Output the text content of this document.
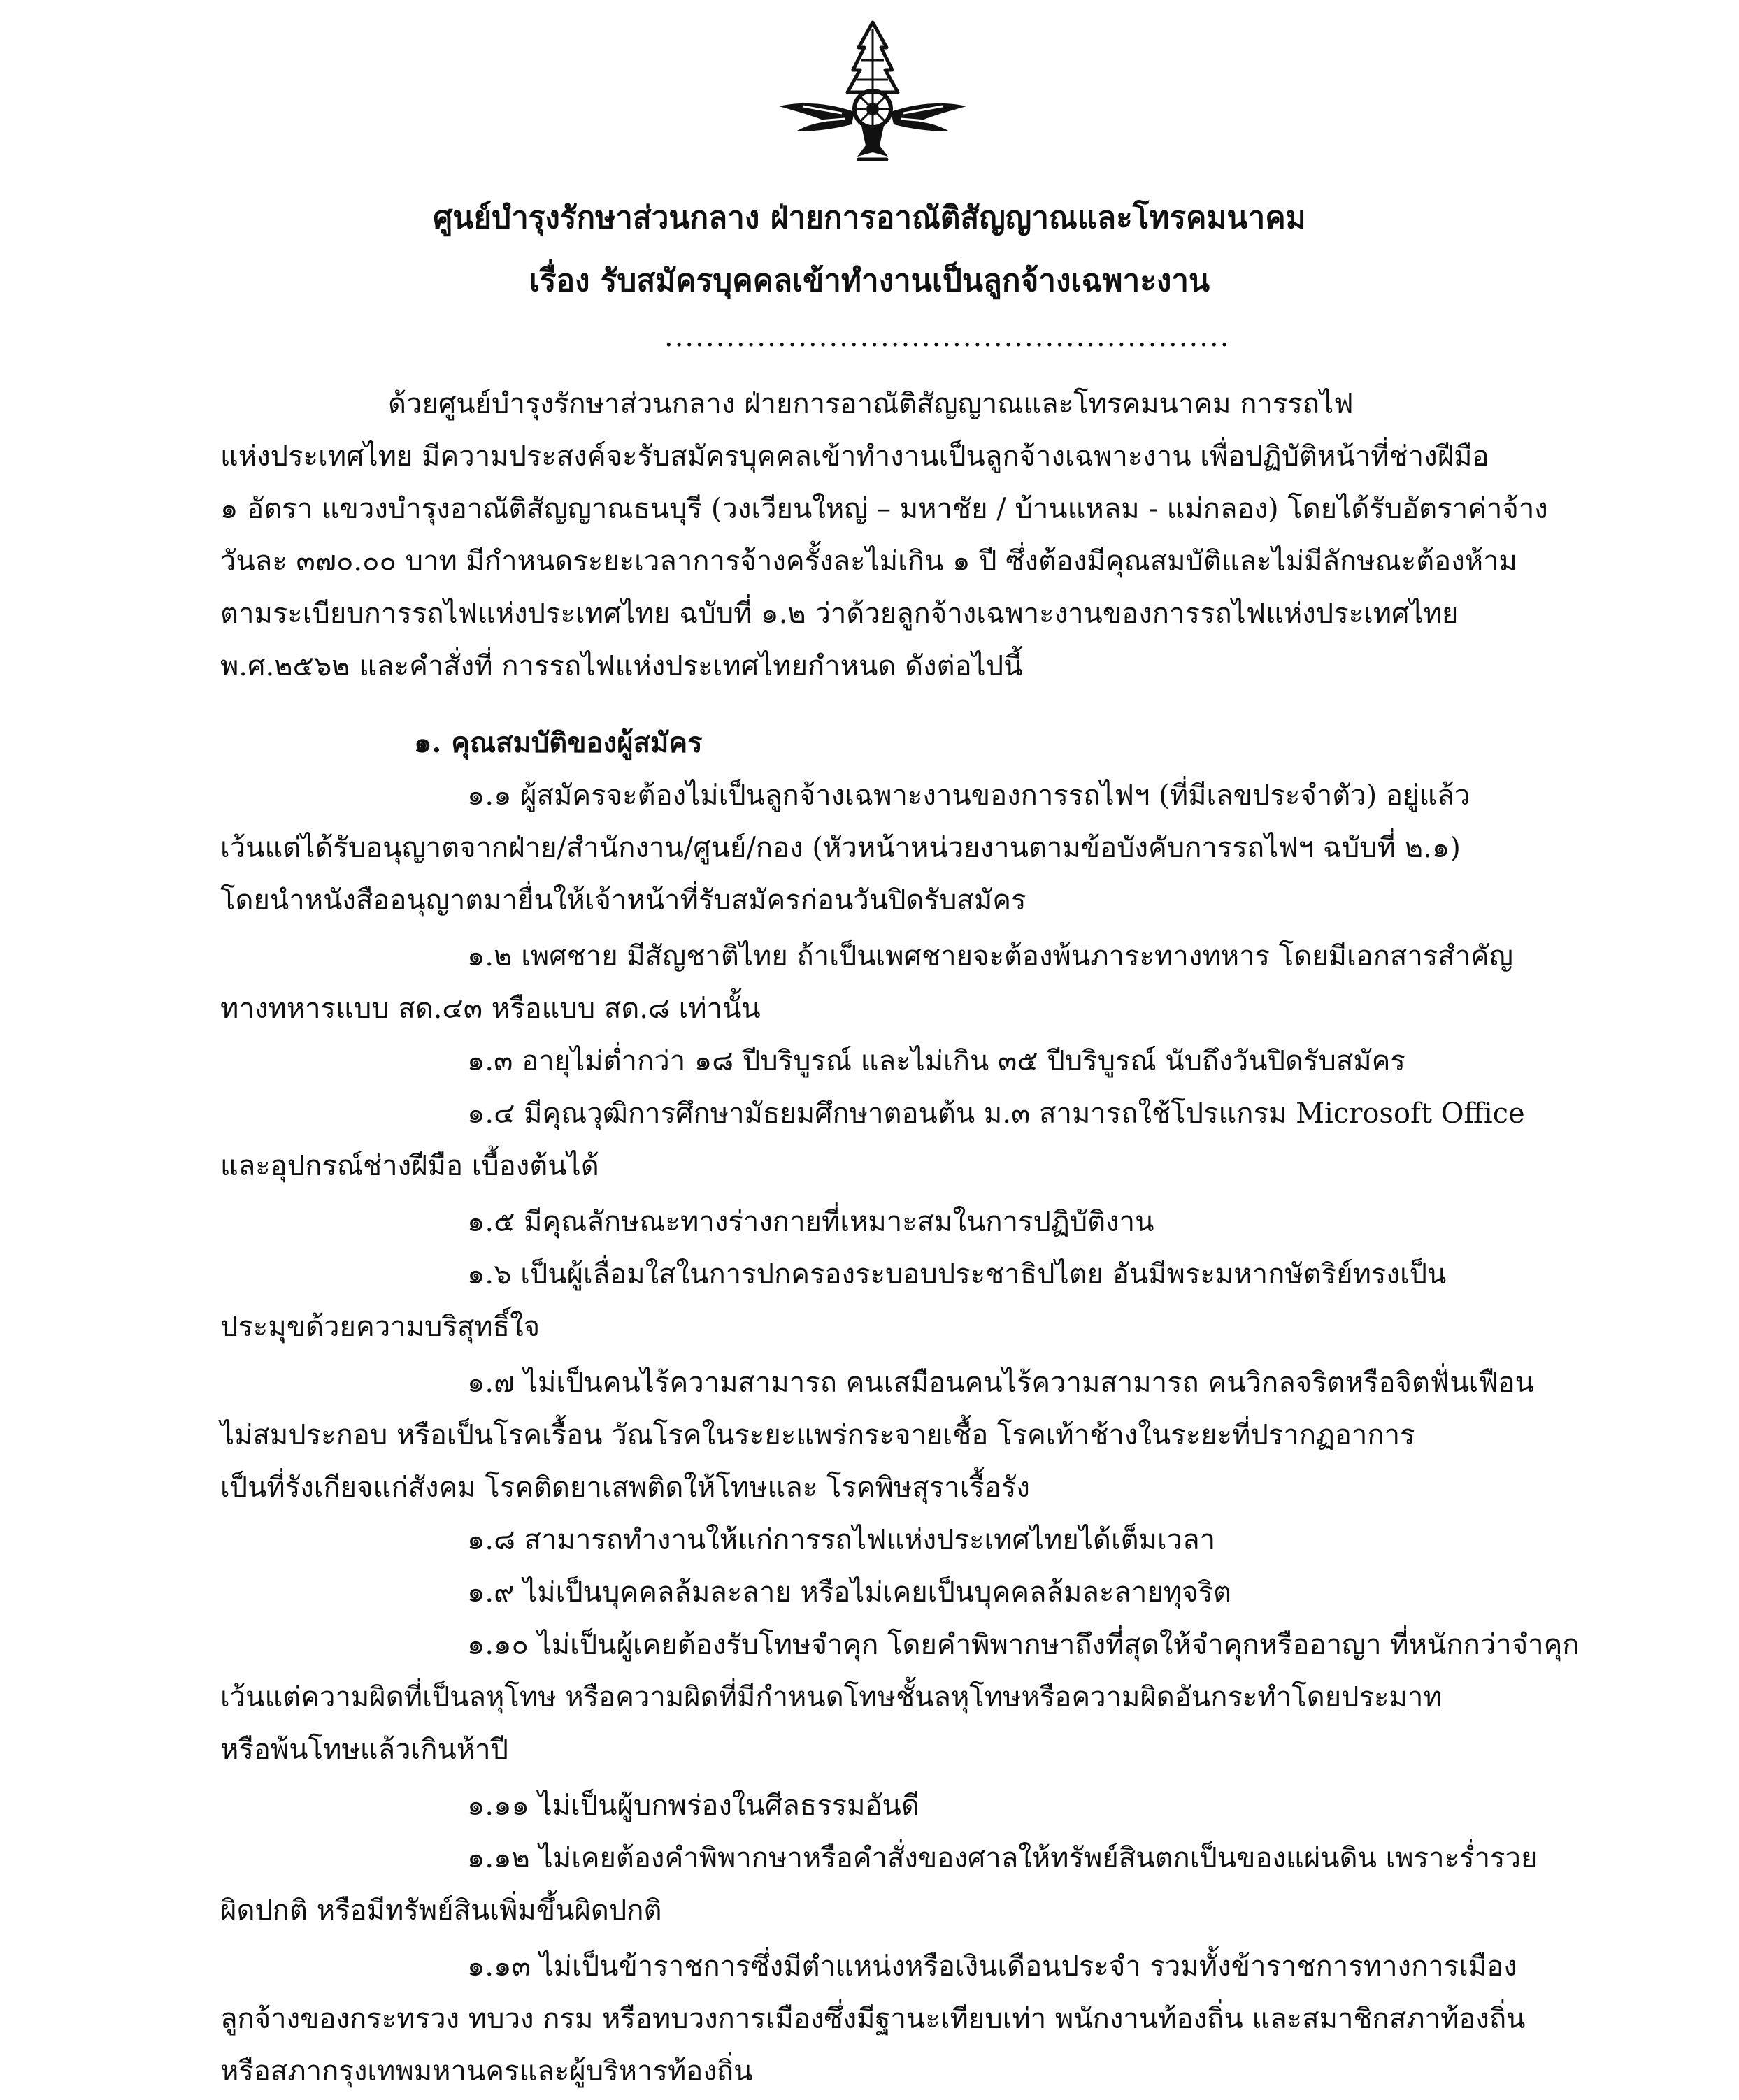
ศูนย์บำรุงรักษาส่วนกลาง ฝ่ายการอาณัติสัญญาณและโทรคมนาคม
เรื่อง รับสมัครบุคคลเข้าทำงานเป็นลูกจ้างเฉพาะงาน
.......................................................
ด้วยศูนย์บำรุงรักษาส่วนกลาง ฝ่ายการอาณัติสัญญาณและโทรคมนาคม การรถไฟ
แห่งประเทศไทย มีความประสงค์จะรับสมัครบุคคลเข้าทำงานเป็นลูกจ้างเฉพาะงาน เพื่อปฏิบัติหน้าที่ช่างฝีมือ
๑ อัตรา แขวงบำรุงอาณัติสัญญาณธนบุรี (วงเวียนใหญ่ – มหาชัย / บ้านแหลม - แม่กลอง) โดยได้รับอัตราค่าจ้าง
วันละ ๓๗๐.๐๐ บาท มีกำหนดระยะเวลาการจ้างครั้งละไม่เกิน ๑ ปี ซึ่งต้องมีคุณสมบัติและไม่มีลักษณะต้องห้าม
ตามระเบียบการรถไฟแห่งประเทศไทย ฉบับที่ ๑.๒ ว่าด้วยลูกจ้างเฉพาะงานของการรถไฟแห่งประเทศไทย
พ.ศ.๒๕๖๒ และคำสั่งที่ การรถไฟแห่งประเทศไทยกำหนด ดังต่อไปนี้
๑. คุณสมบัติของผู้สมัคร
๑.๑ ผู้สมัครจะต้องไม่เป็นลูกจ้างเฉพาะงานของการรถไฟฯ (ที่มีเลขประจำตัว) อยู่แล้ว
เว้นแต่ได้รับอนุญาตจากฝ่าย/สำนักงาน/ศูนย์/กอง (หัวหน้าหน่วยงานตามข้อบังคับการรถไฟฯ ฉบับที่ ๒.๑)
โดยนำหนังสืออนุญาตมายื่นให้เจ้าหน้าที่รับสมัครก่อนวันปิดรับสมัคร
๑.๒ เพศชาย มีสัญชาติไทย ถ้าเป็นเพศชายจะต้องพ้นภาระทางทหาร โดยมีเอกสารสำคัญ
ทางทหารแบบ สด.๔๓ หรือแบบ สด.๘ เท่านั้น
๑.๓ อายุไม่ต่ำกว่า ๑๘ ปีบริบูรณ์ และไม่เกิน ๓๕ ปีบริบูรณ์ นับถึงวันปิดรับสมัคร
๑.๔ มีคุณวุฒิการศึกษามัธยมศึกษาตอนต้น ม.๓ สามารถใช้โปรแกรม Microsoft Office
และอุปกรณ์ช่างฝีมือ เบื้องต้นได้
๑.๕ มีคุณลักษณะทางร่างกายที่เหมาะสมในการปฏิบัติงาน
๑.๖ เป็นผู้เลื่อมใสในการปกครองระบอบประชาธิปไตย อันมีพระมหากษัตริย์ทรงเป็น
ประมุขด้วยความบริสุทธิ์ใจ
๑.๗ ไม่เป็นคนไร้ความสามารถ คนเสมือนคนไร้ความสามารถ คนวิกลจริตหรือจิตฟั่นเฟือน
ไม่สมประกอบ หรือเป็นโรคเรื้อน วัณโรคในระยะแพร่กระจายเชื้อ โรคเท้าช้างในระยะที่ปรากฏอาการ
เป็นที่รังเกียจแก่สังคม โรคติดยาเสพติดให้โทษและ โรคพิษสุราเรื้อรัง
๑.๘ สามารถทำงานให้แก่การรถไฟแห่งประเทศไทยได้เต็มเวลา
๑.๙ ไม่เป็นบุคคลล้มละลาย หรือไม่เคยเป็นบุคคลล้มละลายทุจริต
๑.๑๐ ไม่เป็นผู้เคยต้องรับโทษจำคุก โดยคำพิพากษาถึงที่สุดให้จำคุกหรืออาญา ที่หนักกว่าจำคุก
เว้นแต่ความผิดที่เป็นลหุโทษ หรือความผิดที่มีกำหนดโทษชั้นลหุโทษหรือความผิดอันกระทำโดยประมาท
หรือพ้นโทษแล้วเกินห้าปี
๑.๑๑ ไม่เป็นผู้บกพร่องในศีลธรรมอันดี
๑.๑๒ ไม่เคยต้องคำพิพากษาหรือคำสั่งของศาลให้ทรัพย์สินตกเป็นของแผ่นดิน เพราะร่ำรวย
ผิดปกติ หรือมีทรัพย์สินเพิ่มขึ้นผิดปกติ
๑.๑๓ ไม่เป็นข้าราชการซึ่งมีตำแหน่งหรือเงินเดือนประจำ รวมทั้งข้าราชการทางการเมือง
ลูกจ้างของกระทรวง ทบวง กรม หรือทบวงการเมืองซึ่งมีฐานะเทียบเท่า พนักงานท้องถิ่น และสมาชิกสภาท้องถิ่น
หรือสภากรุงเทพมหานครและผู้บริหารท้องถิ่น
